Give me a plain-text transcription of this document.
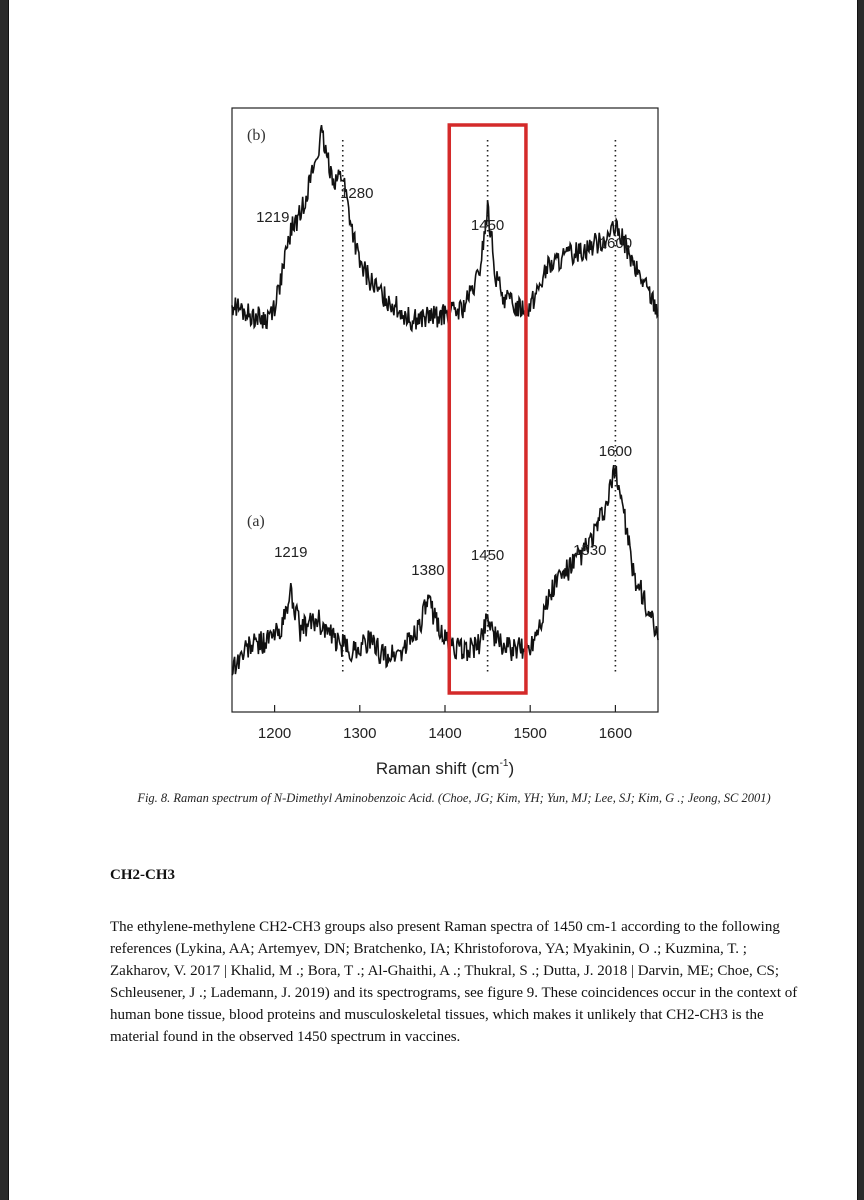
(b)
(a)
1219
1280
1450
1600
1219
1380
1450	1530
1600
1200	1300	1400	1500	1600
Raman shift $(cm^{-1})$
Fig. 8. Raman spectrum of N-Dimethyl Aminobenzoic Acid. (Choe, JG; Kim, YH; Yun, MJ; Lee, SJ; Kim, G .; Jeong, SC 2001)
CH2-CH3
The ethylene-methylene CH2-CH3 groups also present Raman spectra of 1450 cm-1 according to the following references (Lykina, AA; Artemyev, DN; Bratchenko, IA; Khristoforova, YA; Myakinin, O .; Kuzmina, T. ; Zakharov, V. 2017 | Khalid, M .; Bora, T .; Al-Ghaithi, A .; Thukral, S .; Dutta, J. 2018 | Darvin, ME; Choe, CS; Schleusener, J .; Lademann, J. 2019) and its spectrograms, see figure 9. These coincidences occur in the context of human bone tissue, blood proteins and musculoskeletal tissues, which makes it unlikely that CH2-CH3 is the material found in the observed 1450 spectrum in vaccines.
